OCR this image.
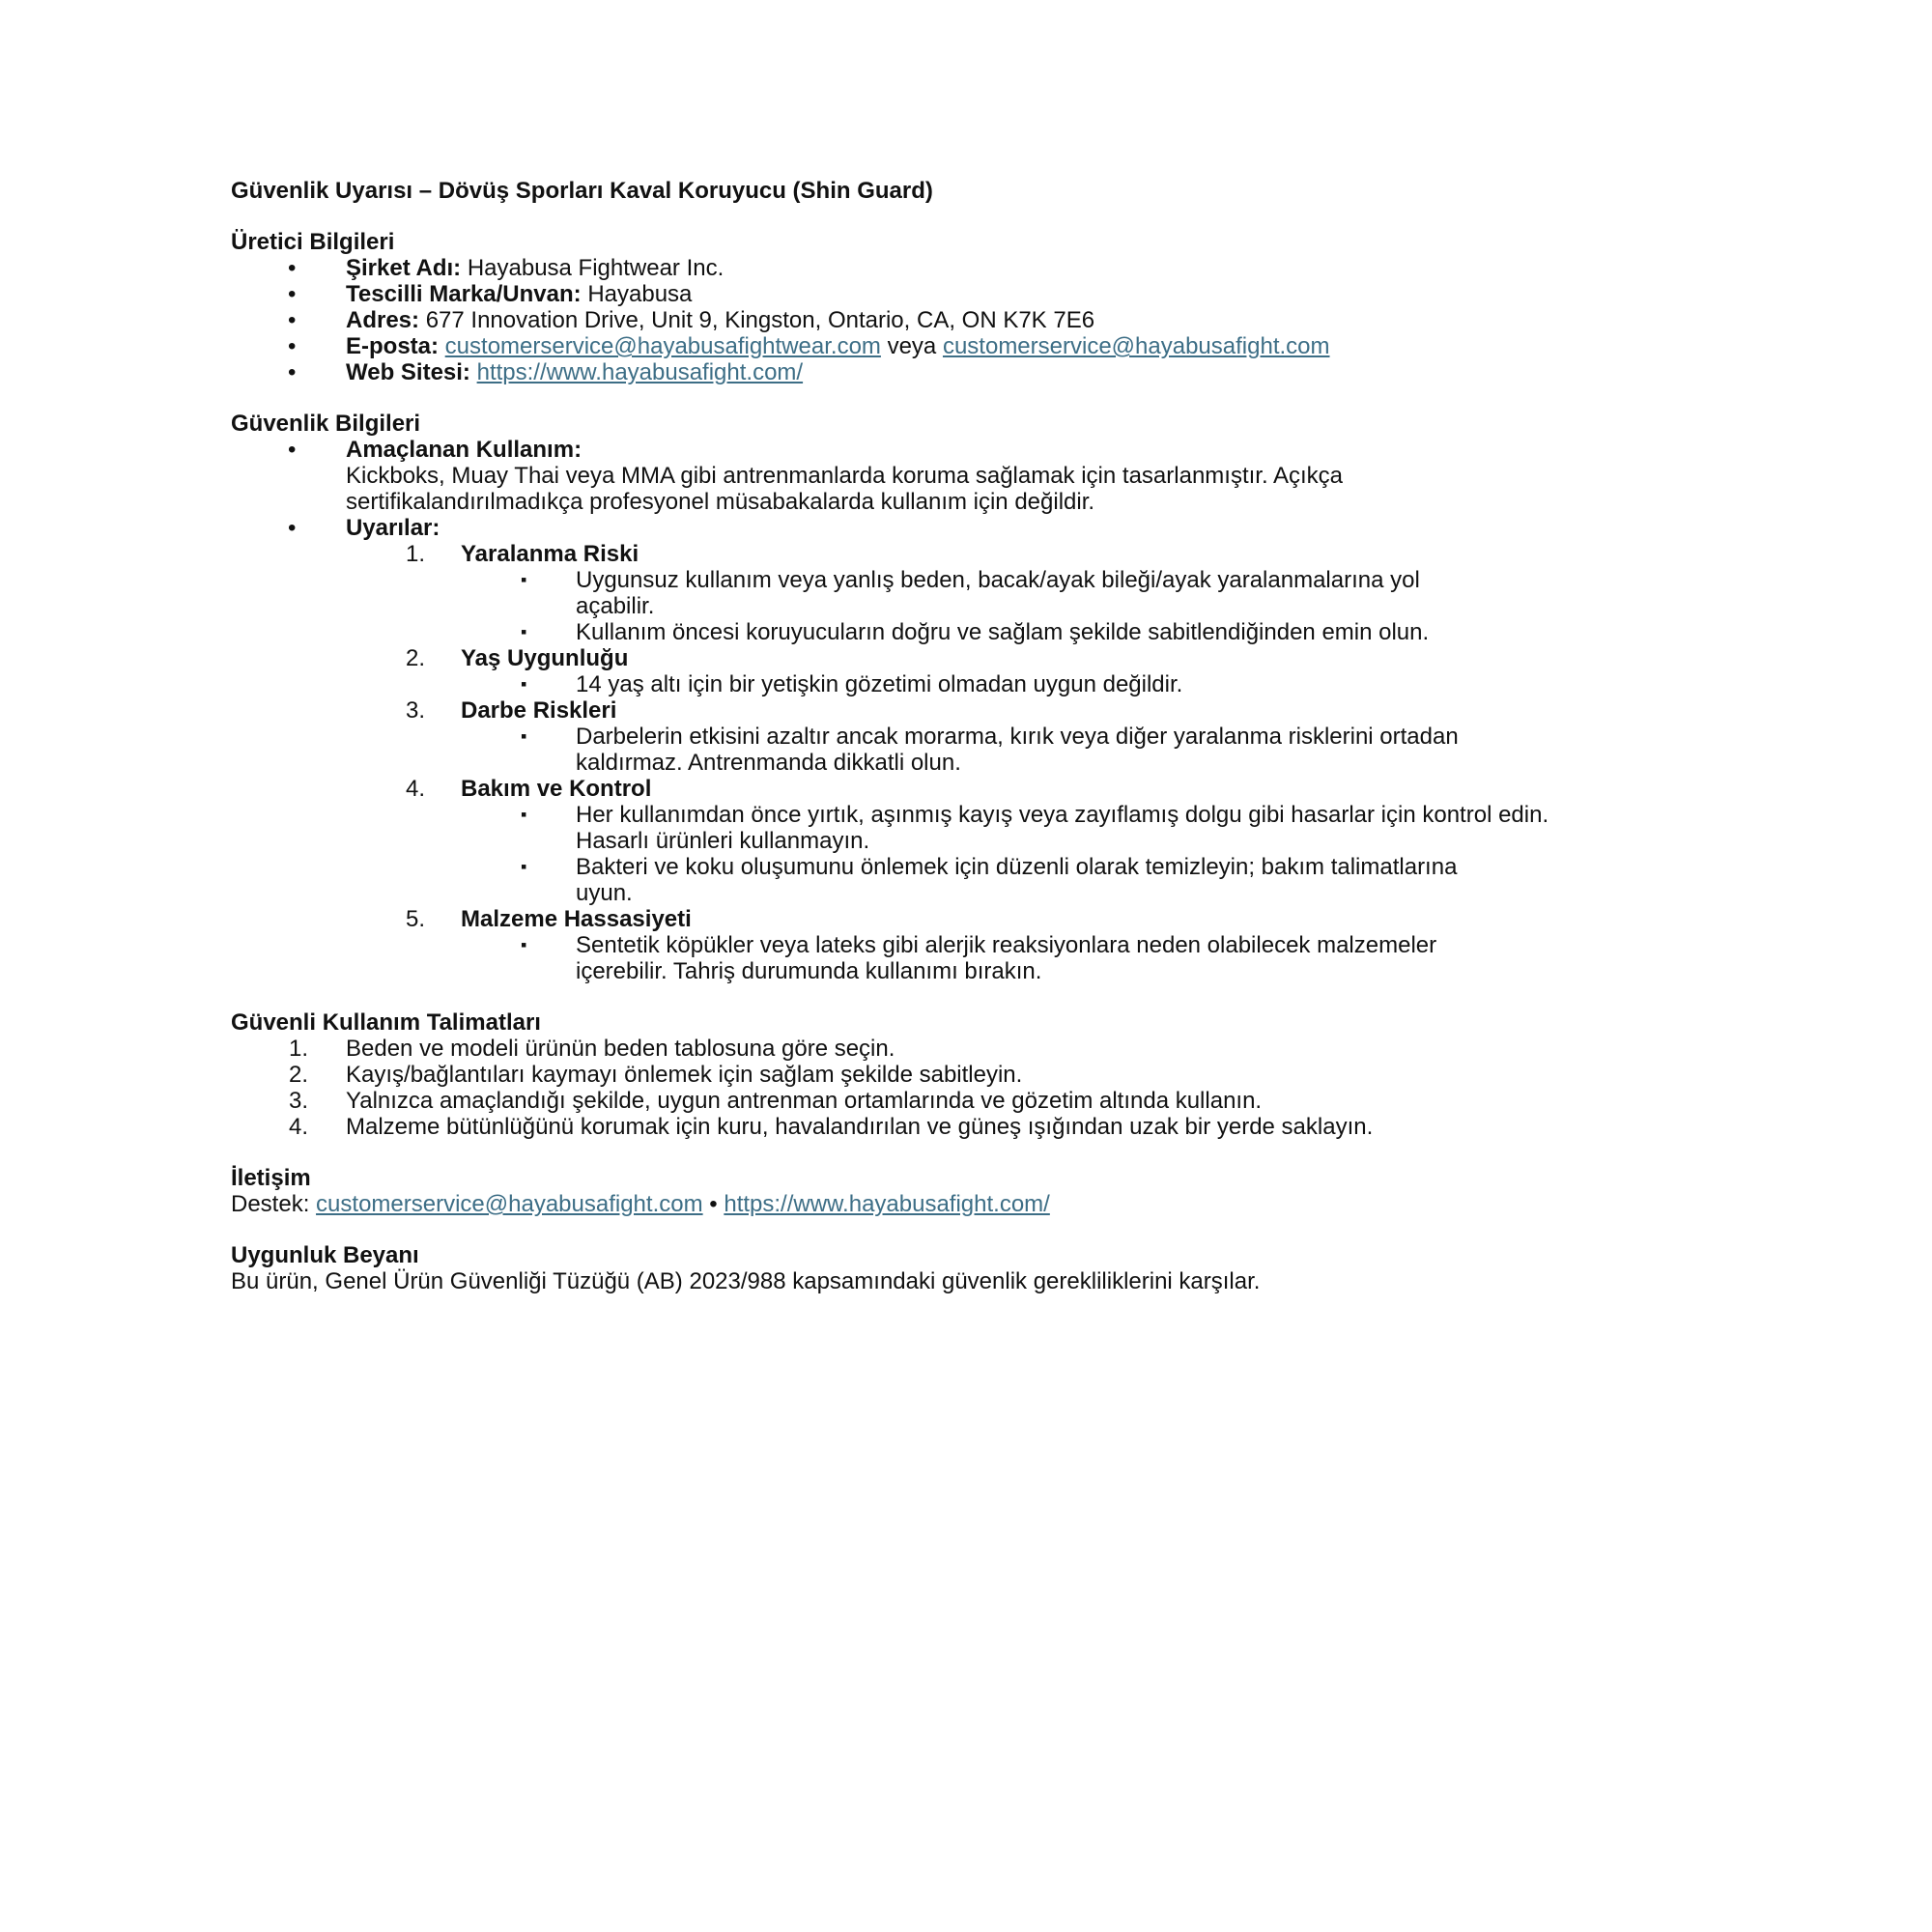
Güvenlik Uyarısı – Dövüş Sporları Kaval Koruyucu (Shin Guard)
Üretici Bilgileri
• Şirket Adı: Hayabusa Fightwear Inc.
• Tescilli Marka/Unvan: Hayabusa
• Adres: 677 Innovation Drive, Unit 9, Kingston, Ontario, CA, ON K7K 7E6
• E-posta: customerservice@hayabusafightwear.com veya customerservice@hayabusafight.com
• Web Sitesi: https://www.hayabusafight.com/
Güvenlik Bilgileri
• Amaçlanan Kullanım:
Kickboks, Muay Thai veya MMA gibi antrenmanlarda koruma sağlamak için tasarlanmıştır. Açıkça sertifikalandırılmadıkça profesyonel müsabakalarda kullanım için değildir.
• Uyarılar:
1. Yaralanma Riski
▪ Uygunsuz kullanım veya yanlış beden, bacak/ayak bileği/ayak yaralanmalarına yol açabilir.
▪ Kullanım öncesi koruyucuların doğru ve sağlam şekilde sabitlendiğinden emin olun.
2. Yaş Uygunluğu
▪ 14 yaş altı için bir yetişkin gözetimi olmadan uygun değildir.
3. Darbe Riskleri
▪ Darbelerin etkisini azaltır ancak morarma, kırık veya diğer yaralanma risklerini ortadan kaldırmaz. Antrenmanda dikkatli olun.
4. Bakım ve Kontrol
▪ Her kullanımdan önce yırtık, aşınmış kayış veya zayıflamış dolgu gibi hasarlar için kontrol edin. Hasarlı ürünleri kullanmayın.
▪ Bakteri ve koku oluşumunu önlemek için düzenli olarak temizleyin; bakım talimatlarına uyun.
5. Malzeme Hassasiyeti
▪ Sentetik köpükler veya lateks gibi alerjik reaksiyonlara neden olabilecek malzemeler içerebilir. Tahriş durumunda kullanımı bırakın.
Güvenli Kullanım Talimatları
1. Beden ve modeli ürünün beden tablosuna göre seçin.
2. Kayış/bağlantıları kaymayı önlemek için sağlam şekilde sabitleyin.
3. Yalnızca amaçlandığı şekilde, uygun antrenman ortamlarında ve gözetim altında kullanın.
4. Malzeme bütünlüğünü korumak için kuru, havalandırılan ve güneş ışığından uzak bir yerde saklayın.
İletişim
Destek: customerservice@hayabusafight.com • https://www.hayabusafight.com/
Uygunluk Beyanı
Bu ürün, Genel Ürün Güvenliği Tüzüğü (AB) 2023/988 kapsamındaki güvenlik gerekliliklerini karşılar.
